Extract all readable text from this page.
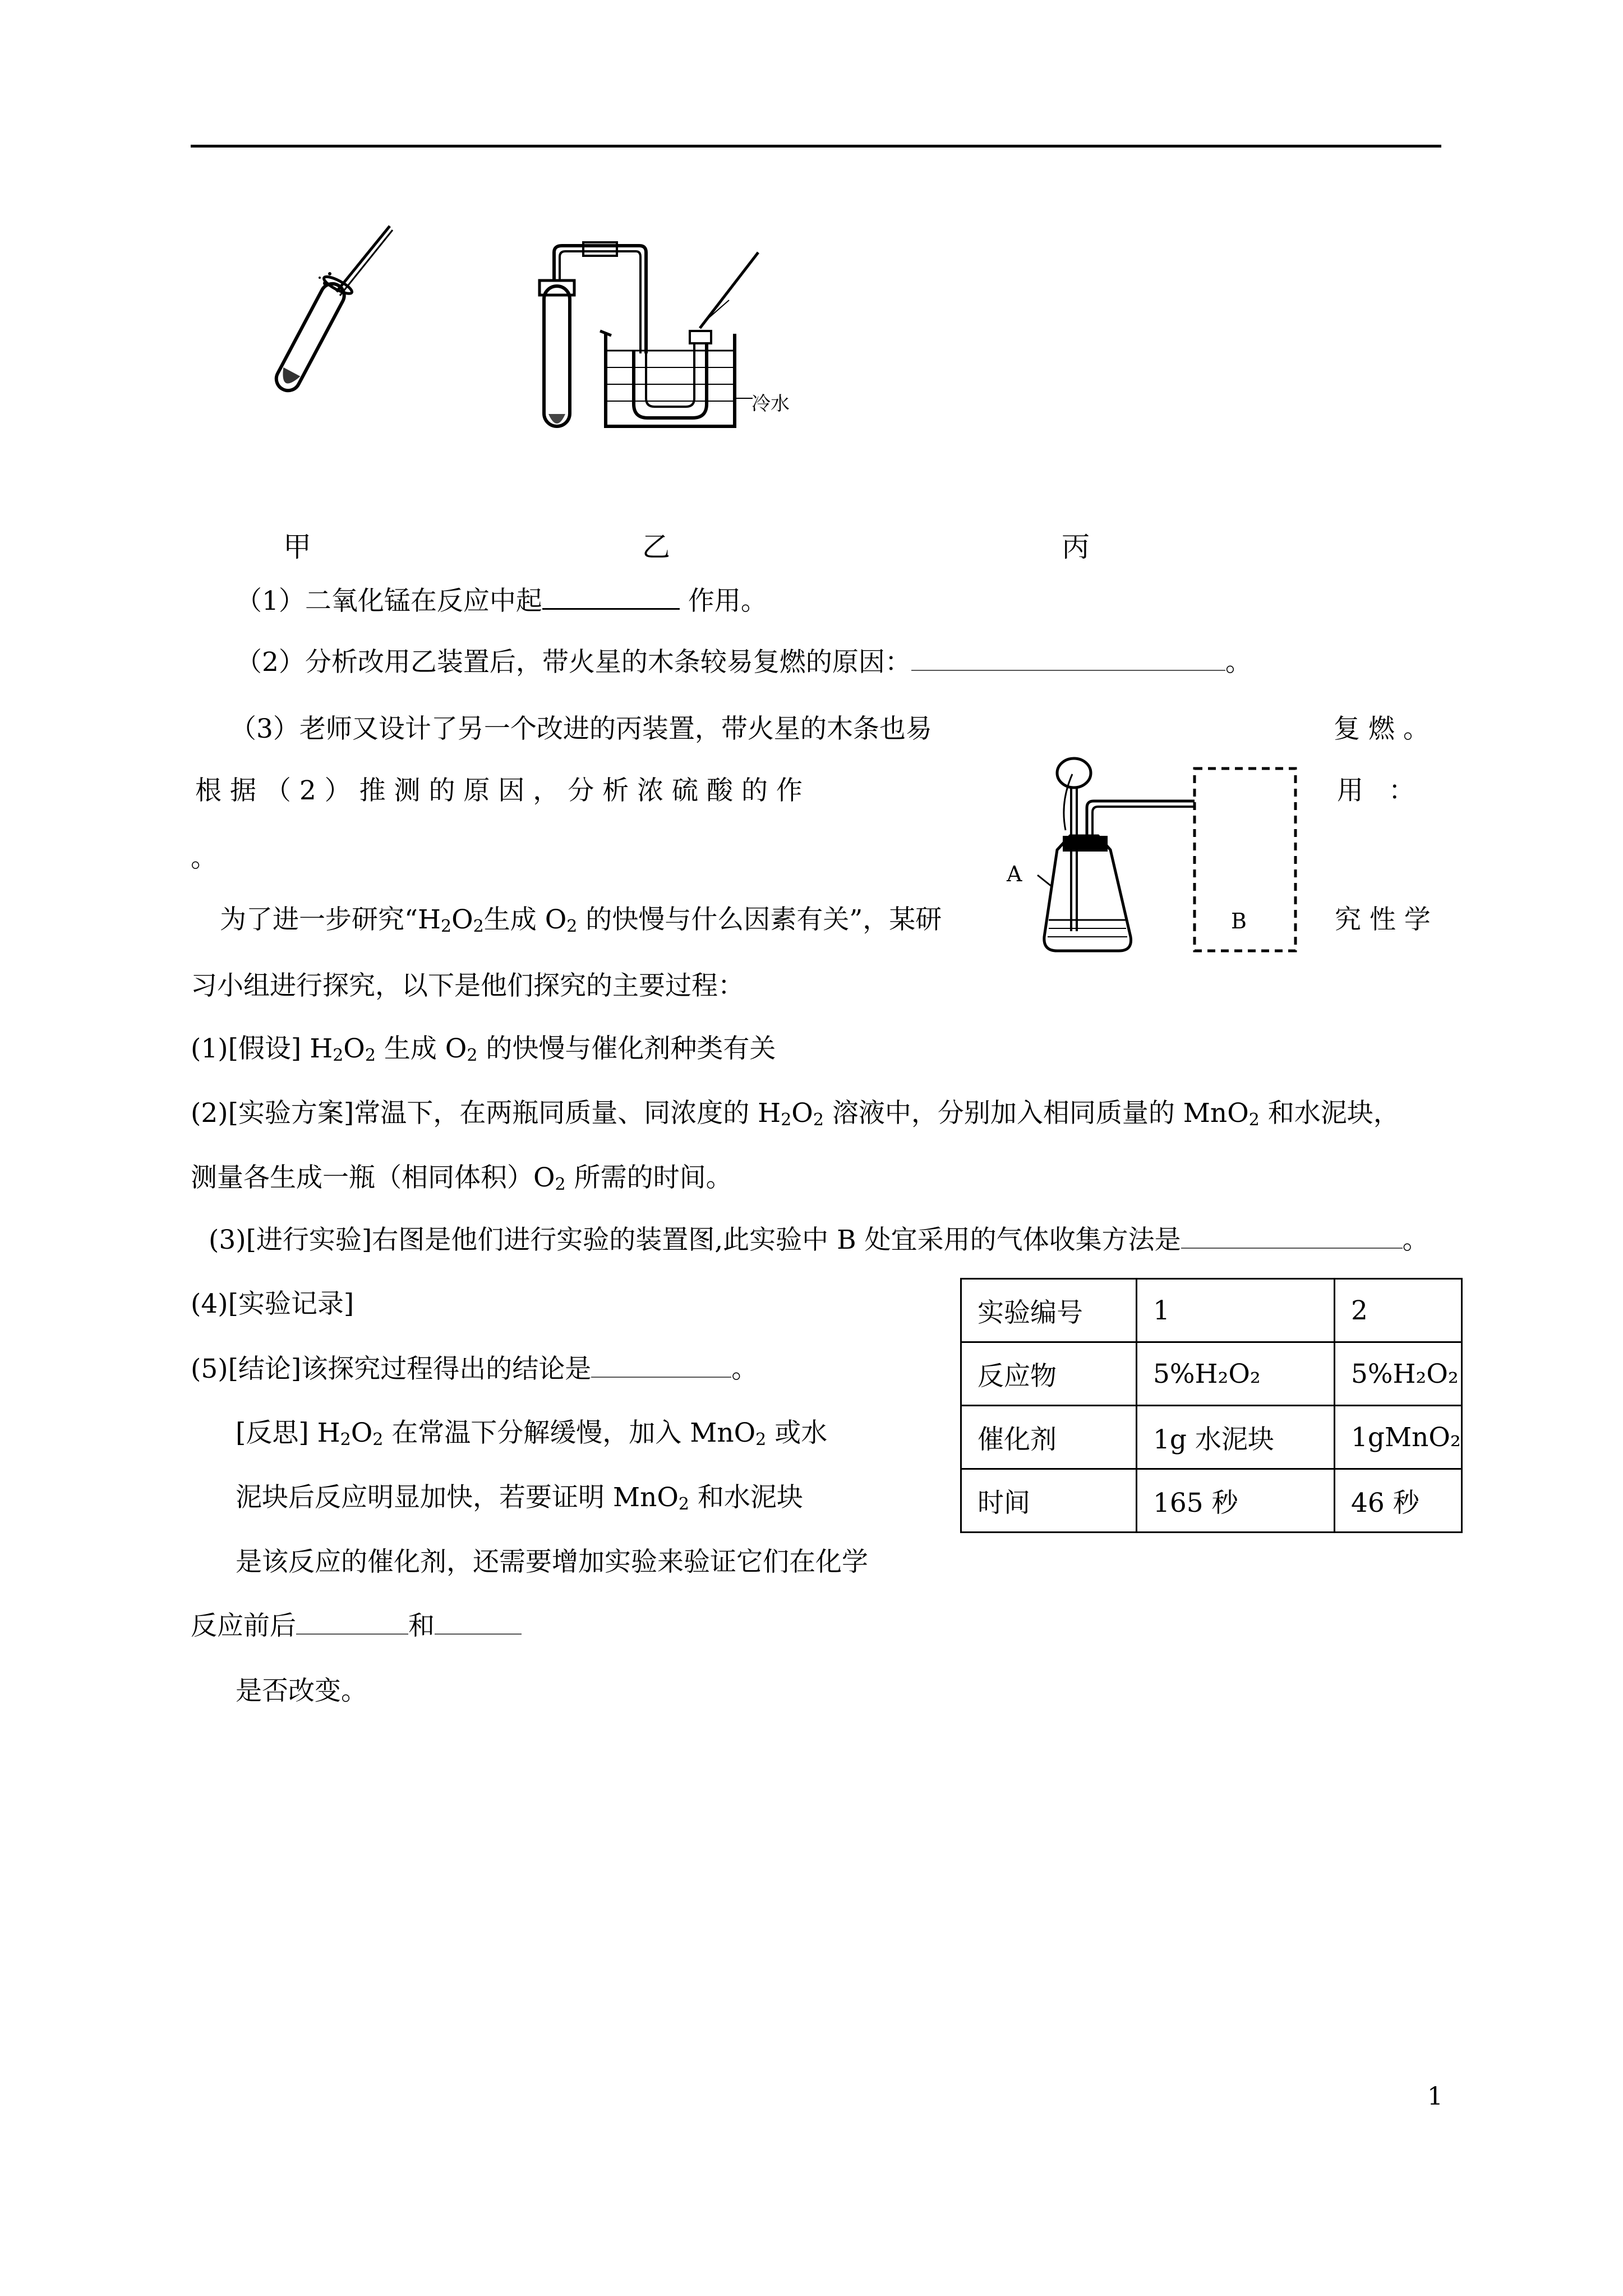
冷水
甲	乙	丙
（1）二氧化锰在反应中起	作用。
（2）分析改用乙装置后，带火星的木条较易复燃的原因：	。
（3）老师又设计了另一个改进的丙装置，带火星的木条也易	复 燃 。
根 据 （ 2 ） 推 测 的 原 因 ， 分 析 浓 硫 酸 的 作	用   ：
。
A
B
为了进一步研究“$H_2O_2$生成 $O_2$ 的快慢与什么因素有关”，某研	究 性 学
习小组进行探究，以下是他们探究的主要过程：
(1)[假设] $H_2O_2$ 生成 $O_2$ 的快慢与催化剂种类有关
(2)[实验方案]常温下，在两瓶同质量、同浓度的 $H_2O_2$ 溶液中，分别加入相同质量的 MnO$_2$ 和水泥块，
测量各生成一瓶（相同体积）$O_2$ 所需的时间。
(3)[进行实验]右图是他们进行实验的装置图,此实验中 B 处宜采用的气体收集方法是	。
(4)[实验记录]
(5)[结论]该探究过程得出的结论是	。
[反思] $H_2O_2$ 在常温下分解缓慢，加入 MnO$_2$ 或水
泥块后反应明显加快，若要证明 MnO$_2$ 和水泥块
是该反应的催化剂，还需要增加实验来验证它们在化学
反应前后	和
是否改变。
实验编号	1	2
反应物	5%H₂O₂	5%H₂O₂
催化剂	1g 水泥块	1gMnO₂
时间	165 秒	46 秒
1
